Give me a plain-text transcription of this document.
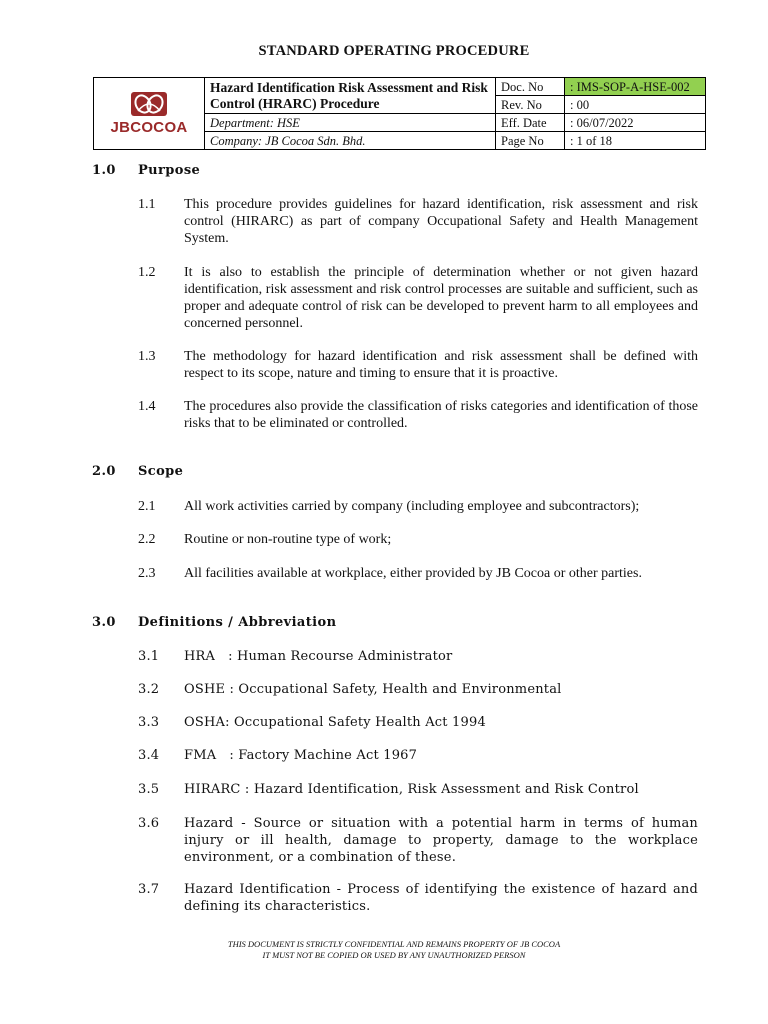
STANDARD OPERATING PROCEDURE
JBCOCOA	Hazard Identification Risk Assessment and Risk Control (HRARC) Procedure	Doc. No	: IMS-SOP-A-HSE-002
		Rev. No	: 00
	Department: HSE	Eff. Date	: 06/07/2022
	Company: JB Cocoa Sdn. Bhd.	Page No	: 1 of 18
1.0 Purpose
1.1	This procedure provides guidelines for hazard identification, risk assessment and risk control (HIRARC) as part of company Occupational Safety and Health Management System.
1.2	It is also to establish the principle of determination whether or not given hazard identification, risk assessment and risk control processes are suitable and sufficient, such as proper and adequate control of risk can be developed to prevent harm to all employees and concerned personnel.
1.3	The methodology for hazard identification and risk assessment shall be defined with respect to its scope, nature and timing to ensure that it is proactive.
1.4	The procedures also provide the classification of risks categories and identification of those risks that to be eliminated or controlled.
2.0 Scope
2.1	All work activities carried by company (including employee and subcontractors);
2.2	Routine or non-routine type of work;
2.3	All facilities available at workplace, either provided by JB Cocoa or other parties.
3.0 Definitions / Abbreviation
3.1	HRA   : Human Recourse Administrator
3.2	OSHE : Occupational Safety, Health and Environmental
3.3	OSHA: Occupational Safety Health Act 1994
3.4	FMA   : Factory Machine Act 1967
3.5	HIRARC : Hazard Identification, Risk Assessment and Risk Control
3.6	Hazard - Source or situation with a potential harm in terms of human injury or ill health, damage to property, damage to the workplace environment, or a combination of these.
3.7	Hazard Identification - Process of identifying the existence of hazard and defining its characteristics.
THIS DOCUMENT IS STRICTLY CONFIDENTIAL AND REMAINS PROPERTY OF JB COCOA
IT MUST NOT BE COPIED OR USED BY ANY UNAUTHORIZED PERSON
